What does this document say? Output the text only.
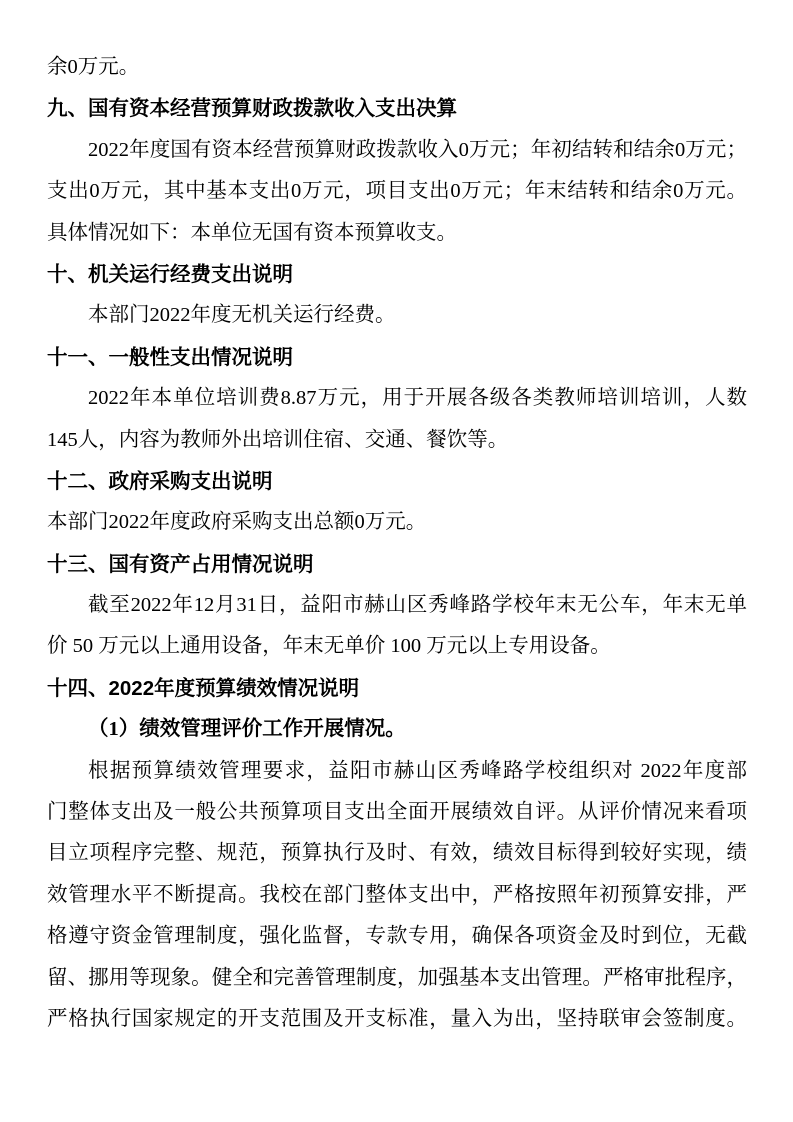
余0万元。
九、国有资本经营预算财政拨款收入支出决算
2022年度国有资本经营预算财政拨款收入0万元；年初结转和结余0万元；
支出0万元，其中基本支出0万元，项目支出0万元；年末结转和结余0万元。
具体情况如下：本单位无国有资本预算收支。
十、机关运行经费支出说明
本部门2022年度无机关运行经费。
十一、一般性支出情况说明
2022年本单位培训费8.87万元，用于开展各级各类教师培训培训，人数
145人，内容为教师外出培训住宿、交通、餐饮等。
十二、政府采购支出说明
本部门2022年度政府采购支出总额0万元。
十三、国有资产占用情况说明
截至2022年12月31日，益阳市赫山区秀峰路学校年末无公车，年末无单
价 50 万元以上通用设备，年末无单价 100 万元以上专用设备。
十四、2022年度预算绩效情况说明
（1）绩效管理评价工作开展情况。
根据预算绩效管理要求，益阳市赫山区秀峰路学校组织对 2022年度部
门整体支出及一般公共预算项目支出全面开展绩效自评。从评价情况来看项
目立项程序完整、规范，预算执行及时、有效，绩效目标得到较好实现，绩
效管理水平不断提高。我校在部门整体支出中，严格按照年初预算安排，严
格遵守资金管理制度，强化监督，专款专用，确保各项资金及时到位，无截
留、挪用等现象。健全和完善管理制度，加强基本支出管理。严格审批程序，
严格执行国家规定的开支范围及开支标准，量入为出，坚持联审会签制度。
